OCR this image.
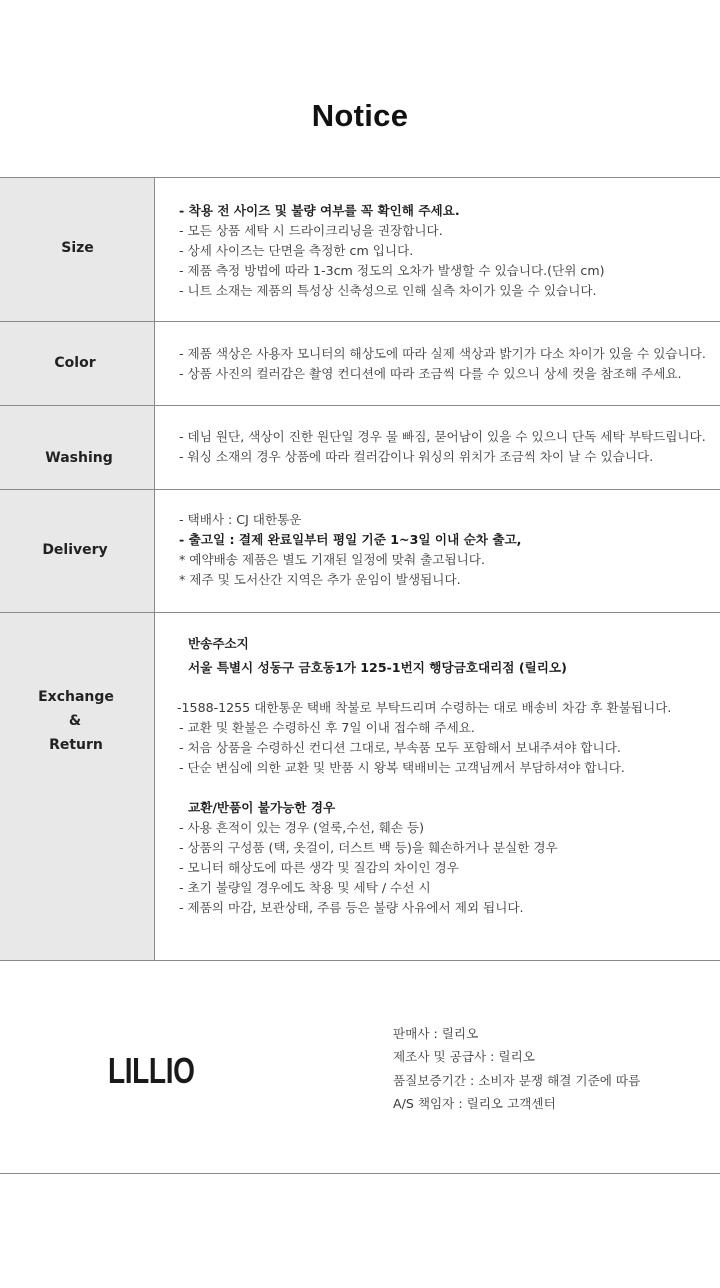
Notice
Size
- 착용 전 사이즈 및 불량 여부를 꼭 확인해 주세요.
- 모든 상품 세탁 시 드라이크리닝을 권장합니다.
- 상세 사이즈는 단면을 측정한 cm 입니다.
- 제품 측정 방법에 따라 1-3cm 정도의 오차가 발생할 수 있습니다.(단위 cm)
- 니트 소재는 제품의 특성상 신축성으로 인해 실측 차이가 있을 수 있습니다.
Color
- 제품 색상은 사용자 모니터의 해상도에 따라 실제 색상과 밝기가 다소 차이가 있을 수 있습니다.
- 상품 사진의 컬러감은 촬영 컨디션에 따라 조금씩 다를 수 있으니 상세 컷을 참조해 주세요.
Washing
- 데님 원단, 색상이 진한 원단일 경우 물 빠짐, 묻어남이 있을 수 있으니 단독 세탁 부탁드립니다.
- 워싱 소재의 경우 상품에 따라 컬러감이나 워싱의 위치가 조금씩 차이 날 수 있습니다.
Delivery
- 택배사 : CJ 대한통운
- 출고일 : 결제 완료일부터 평일 기준 1~3일 이내 순차 출고,
* 예약배송 제품은 별도 기재된 일정에 맞춰 출고됩니다.
* 제주 및 도서산간 지역은 추가 운임이 발생됩니다.
Exchange
&
Return
반송주소지
서울 특별시 성동구 금호동1가 125-1번지 행당금호대리점 (릴리오)
-1588-1255 대한통운 택배 착불로 부탁드리며 수령하는 대로 배송비 차감 후 환불됩니다.
- 교환 및 환불은 수령하신 후 7일 이내 접수해 주세요.
- 처음 상품을 수령하신 컨디션 그대로, 부속품 모두 포함해서 보내주셔야 합니다.
- 단순 변심에 의한 교환 및 반품 시 왕복 택배비는 고객님께서 부담하셔야 합니다.
교환/반품이 불가능한 경우
- 사용 흔적이 있는 경우 (얼룩,수선, 훼손 등)
- 상품의 구성품 (택, 옷걸이, 더스트 백 등)을 훼손하거나 분실한 경우
- 모니터 해상도에 따른 생각 및 질감의 차이인 경우
- 초기 불량일 경우에도 착용 및 세탁 / 수선 시
- 제품의 마감, 보관상태, 주름 등은 불량 사유에서 제외 됩니다.
LILLIO
판매사 : 릴리오
제조사 및 공급사 : 릴리오
품질보증기간 : 소비자 분쟁 해결 기준에 따름
A/S 책임자 : 릴리오 고객센터
